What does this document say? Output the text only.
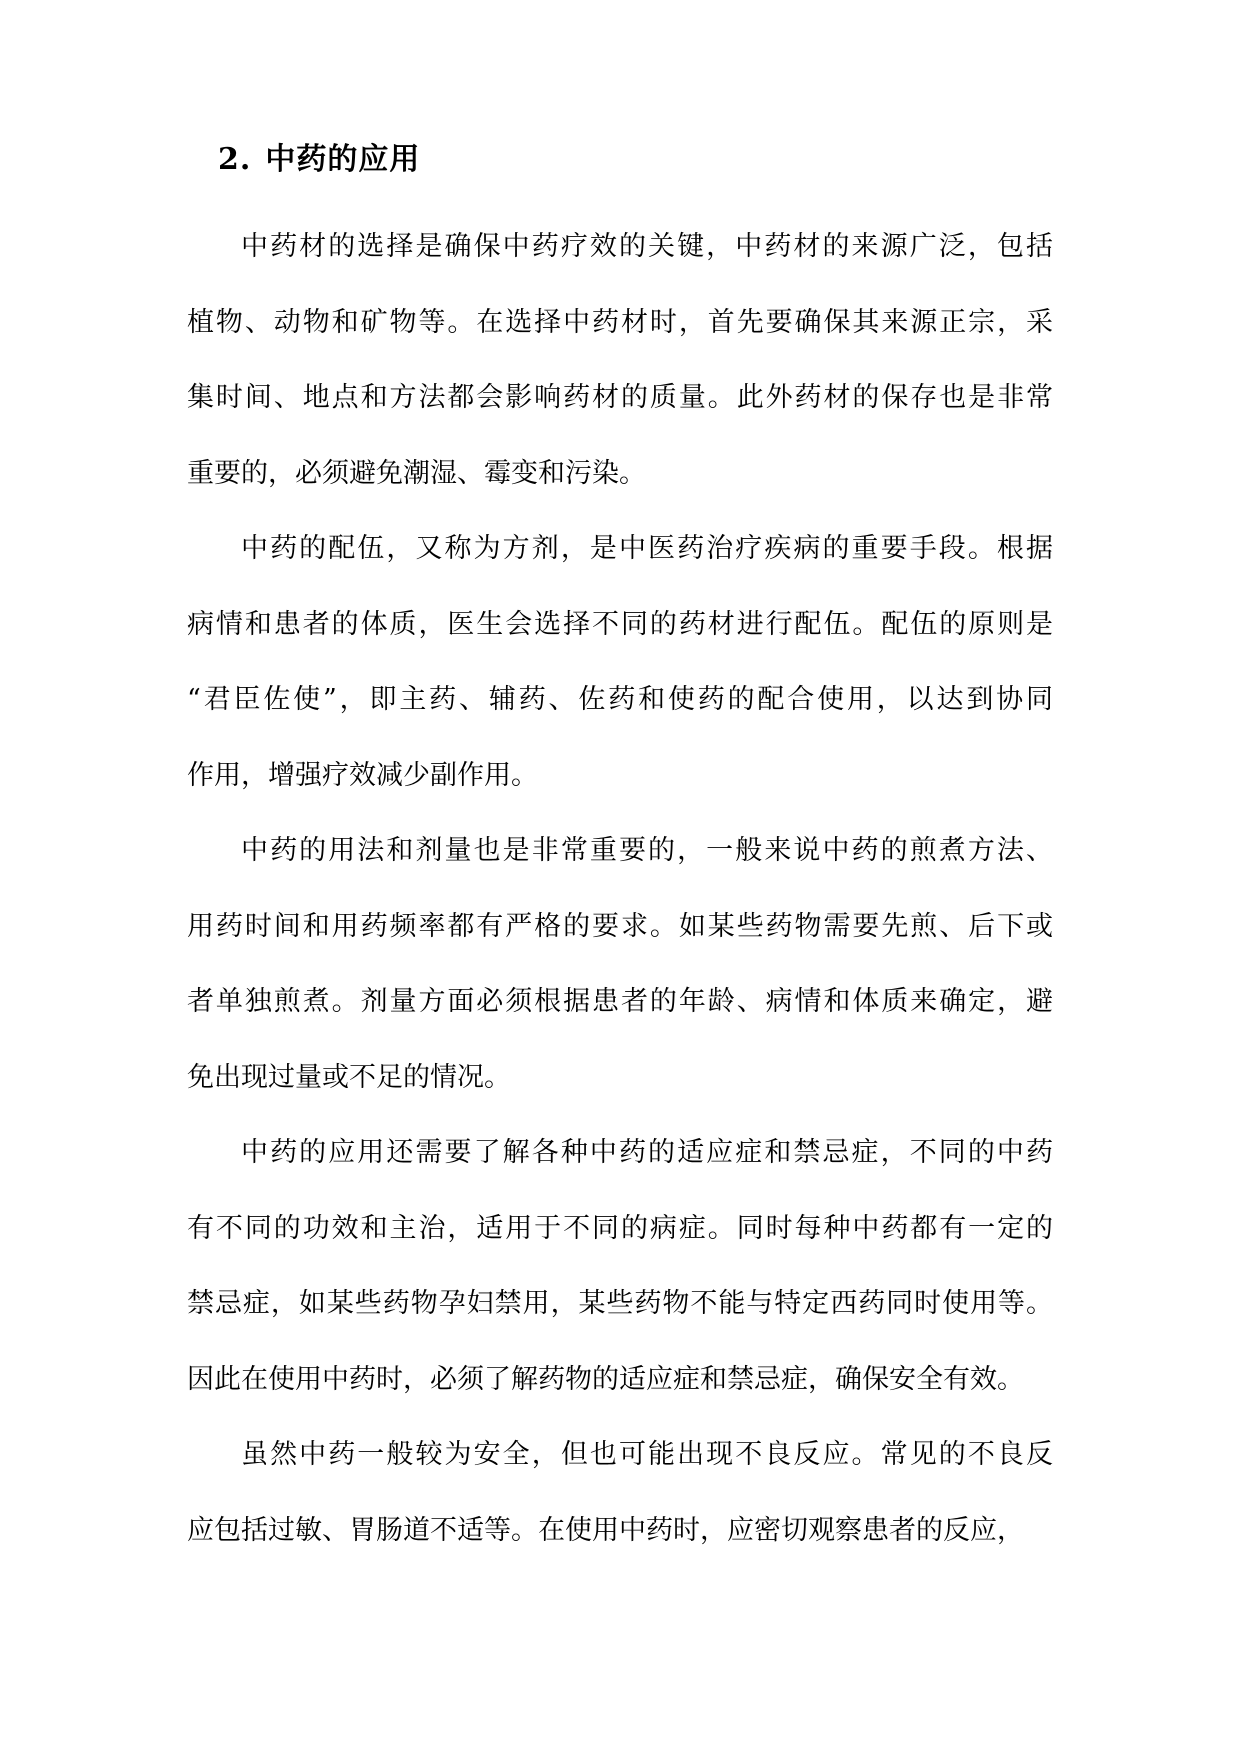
2. 中药的应用
中药材的选择是确保中药疗效的关键，中药材的来源广泛，包括
植物、动物和矿物等。在选择中药材时，首先要确保其来源正宗，采
集时间、地点和方法都会影响药材的质量。此外药材的保存也是非常
重要的，必须避免潮湿、霉变和污染。
中药的配伍，又称为方剂，是中医药治疗疾病的重要手段。根据
病情和患者的体质，医生会选择不同的药材进行配伍。配伍的原则是
“君臣佐使”，即主药、辅药、佐药和使药的配合使用，以达到协同
作用，增强疗效减少副作用。
中药的用法和剂量也是非常重要的，一般来说中药的煎煮方法、
用药时间和用药频率都有严格的要求。如某些药物需要先煎、后下或
者单独煎煮。剂量方面必须根据患者的年龄、病情和体质来确定，避
免出现过量或不足的情况。
中药的应用还需要了解各种中药的适应症和禁忌症，不同的中药
有不同的功效和主治，适用于不同的病症。同时每种中药都有一定的
禁忌症，如某些药物孕妇禁用，某些药物不能与特定西药同时使用等。
因此在使用中药时，必须了解药物的适应症和禁忌症，确保安全有效。
虽然中药一般较为安全，但也可能出现不良反应。常见的不良反
应包括过敏、胃肠道不适等。在使用中药时，应密切观察患者的反应，
